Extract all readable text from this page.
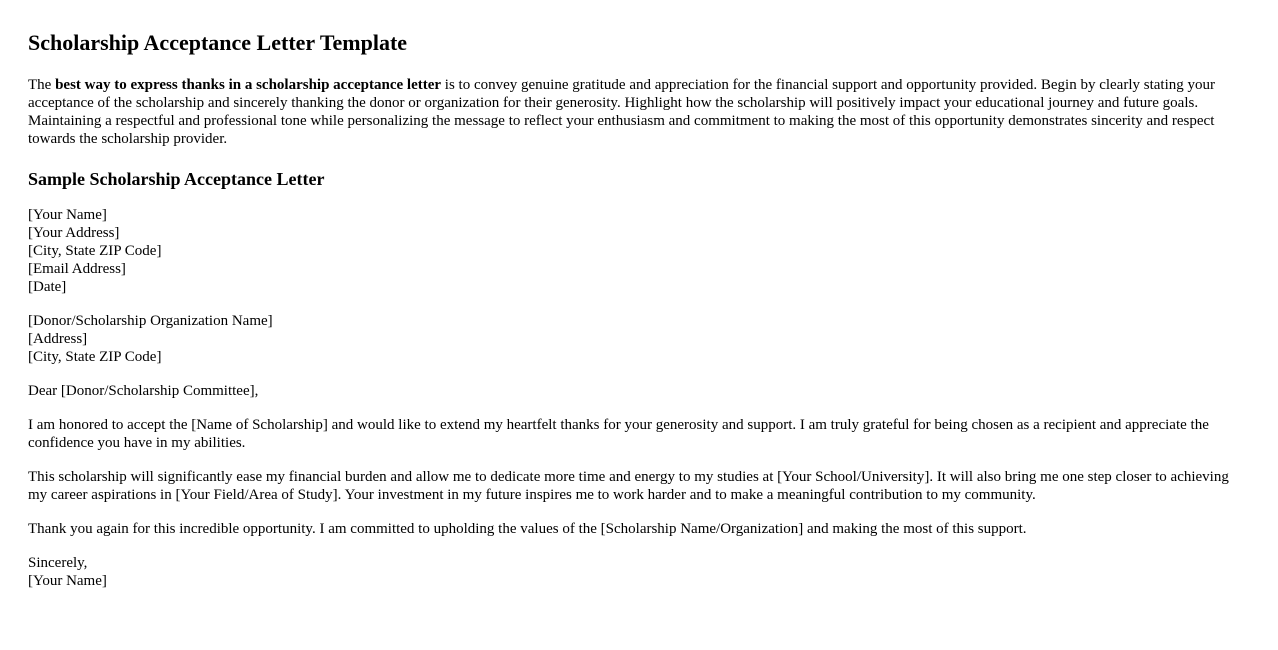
Scholarship Acceptance Letter Template

The best way to express thanks in a scholarship acceptance letter is to convey genuine gratitude and appreciation for the financial support and opportunity provided. Begin by clearly stating your acceptance of the scholarship and sincerely thanking the donor or organization for their generosity. Highlight how the scholarship will positively impact your educational journey and future goals. Maintaining a respectful and professional tone while personalizing the message to reflect your enthusiasm and commitment to making the most of this opportunity demonstrates sincerity and respect towards the scholarship provider.

Sample Scholarship Acceptance Letter
[Your Name]
[Your Address]
[City, State ZIP Code]
[Email Address]
[Date]
[Donor/Scholarship Organization Name]
[Address]
[City, State ZIP Code]

Dear [Donor/Scholarship Committee],

I am honored to accept the [Name of Scholarship] and would like to extend my heartfelt thanks for your generosity and support. I am truly grateful for being chosen as a recipient and appreciate the confidence you have in my abilities.

This scholarship will significantly ease my financial burden and allow me to dedicate more time and energy to my studies at [Your School/University]. It will also bring me one step closer to achieving my career aspirations in [Your Field/Area of Study]. Your investment in my future inspires me to work harder and to make a meaningful contribution to my community.

Thank you again for this incredible opportunity. I am committed to upholding the values of the [Scholarship Name/Organization] and making the most of this support.

Sincerely,
[Your Name]
